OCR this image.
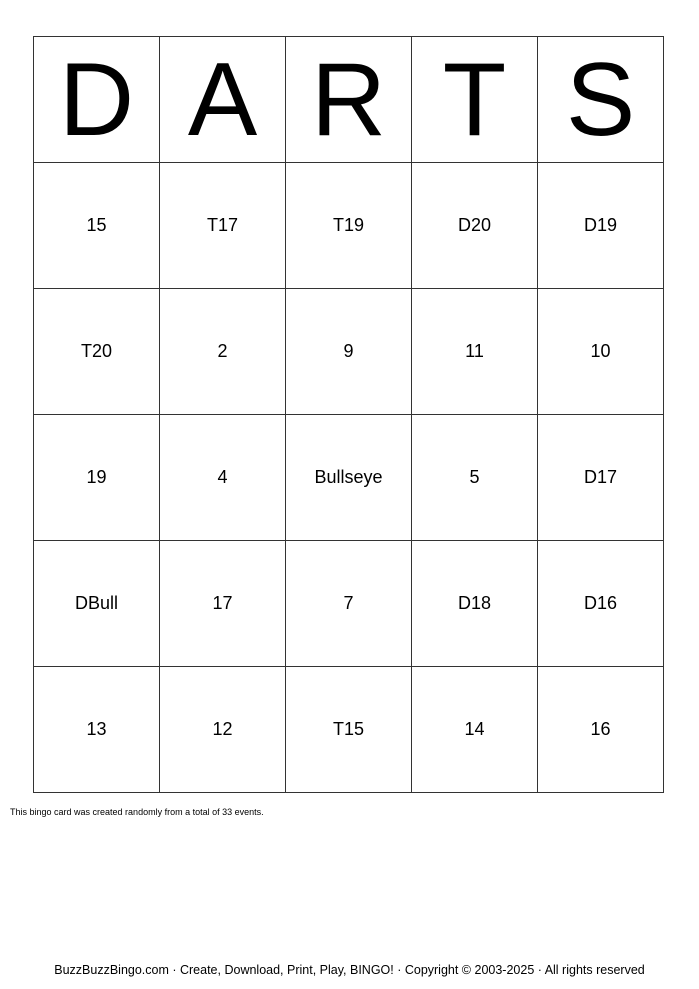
D	A	R	T	S
15	T17	T19	D20	D19
T20	2	9	11	10
19	4	Bullseye	5	D17
DBull	17	7	D18	D16
13	12	T15	14	16
This bingo card was created randomly from a total of 33 events.
BuzzBuzzBingo.com · Create, Download, Print, Play, BINGO! · Copyright © 2003-2025 · All rights reserved
